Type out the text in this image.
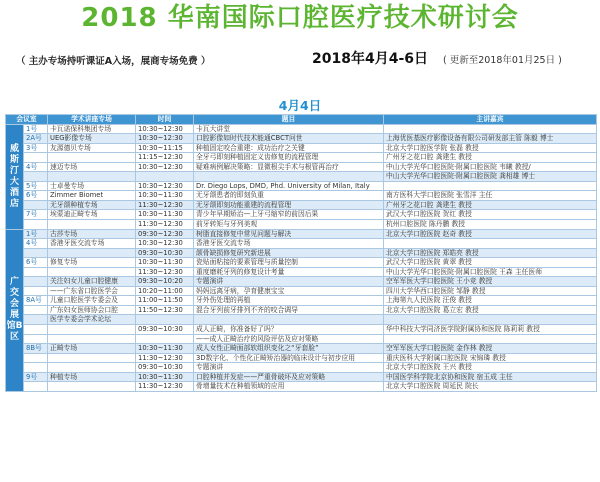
2018 华南国际口腔医疗技术研讨会
（ 主办专场持听课证A入场，展商专场免费 ）	2018年4月4-6日 ( 更新至2018年01月25日 )
4月4日
会议室		学术讲座专场	时间	题目	主讲嘉宾
威斯汀大酒店	1号	卡瓦诺保科集团专场	10:30~12:30	卡瓦大讲堂	
	2A号	UEG影像专场	10:30~12:30	口腔影像如时代技术能通CBCT问世	上海优医基医疗影像设备有限公司研发部主管 陈毅 博士
	3号	友源德贝专场	10:30~11:15	种植固定咬合重建：成功治疗之关键	北京大学口腔医学院 张磊 教授
			11:15~12:30	全牙弓即刻种植固定义齿修复的流程管理	广州牙之花口腔 龚建生 教授
	4号	速迈专场	10:30~12:30	疑难病例解决策略：显微根尖手术与根管再治疗	中山大学光华口腔医院·附属口腔医院 韦曦 教授/
					中山大学光华口腔医院·附属口腔医院 龚相雄 博士
	5号	士卓曼专场	10:30~12:30	Dr. Diego Lops, DMD, Phd. University of Milan, Italy	
	6号	Zimmer Biomet	10:30~11:30	无牙颌患者的即刻负重	南方医科大学口腔医院 张雪洋 主任
		无牙颌种植专场	11:30~12:30	无牙颌即刻功能重建的流程管理	广州牙之花口腔 龚建生 教授
	7号	埃蒙迪正畸专场	10:30~11:30	青少年早期矫治—上牙弓缩窄的前因后果	武汉大学口腔医院 贺红 教授
			11:30~12:30	前牙转矩与牙列美观	杭州口腔医院 陈丹鹏 教授
广交会展馆B区	1号	古莎专场	09:30~12:30	树脂直接修复中常见问题与解决	北京大学口腔医院 赵奇 教授
	4号	香港牙医交流专场	10:30~12:30	香港牙医交流专场	
			09:30~10:30	颌骨缺损修复研究新进展	北京大学口腔医院 郑皓亮 教授
	6号	修复专场	10:30~11:30	瓷贴面粘接的要素管理与质量控制	武汉大学口腔医院 黄翠 教授
			11:30~12:30	重度磨耗牙列的修复设计考量	中山大学光华口腔医院·附属口腔医院 王森 主任医师
		关注妇女儿童口腔健康	09:30~10:20	专题演讲	空军军医大学口腔医院 王小竞 教授
		——广东省口腔医学会	10:20~11:00	妈妈远离牙病，孕育健康宝宝	四川大学华西口腔医院 邹静 教授
	8A号	儿童口腔医学专委会及	11:00~11:50	牙外伤处理的再植	上海第九人民医院 汪俊 教授
		广东妇女医师协会口腔	11:50~12:30	混合牙列前牙排列不齐的咬合调导	北京大学口腔医院 葛立宏 教授
		医学专委会学术论坛			
			09:30~10:30	成人正畸，你准备好了吗？	华中科技大学同济医学院附属协和医院 陈莉莉 教授
				——成人正畸治疗的风险评估及应对策略	
	8B号	正畸专场	10:30~11:30	成人女性正畸面部软组织变化之“牙套脸”	空军军医大学口腔医院 金作林 教授
			11:30~12:30	3D数字化、个性化正畸矫治器的临床设计与初步应用	重庆医科大学附属口腔医院 宋锦璘 教授
			09:30~10:30	专题演讲	北京大学口腔医院 王兴 教授
	9号	种植专场	10:30~11:30	口腔种植并发症——严重骨破坏及应对策略	中国医学科学院北京协和医院 宿玉成 主任
			11:30~12:30	骨增量技术在种植领域的应用	北京大学口腔医院 周延民 院长
